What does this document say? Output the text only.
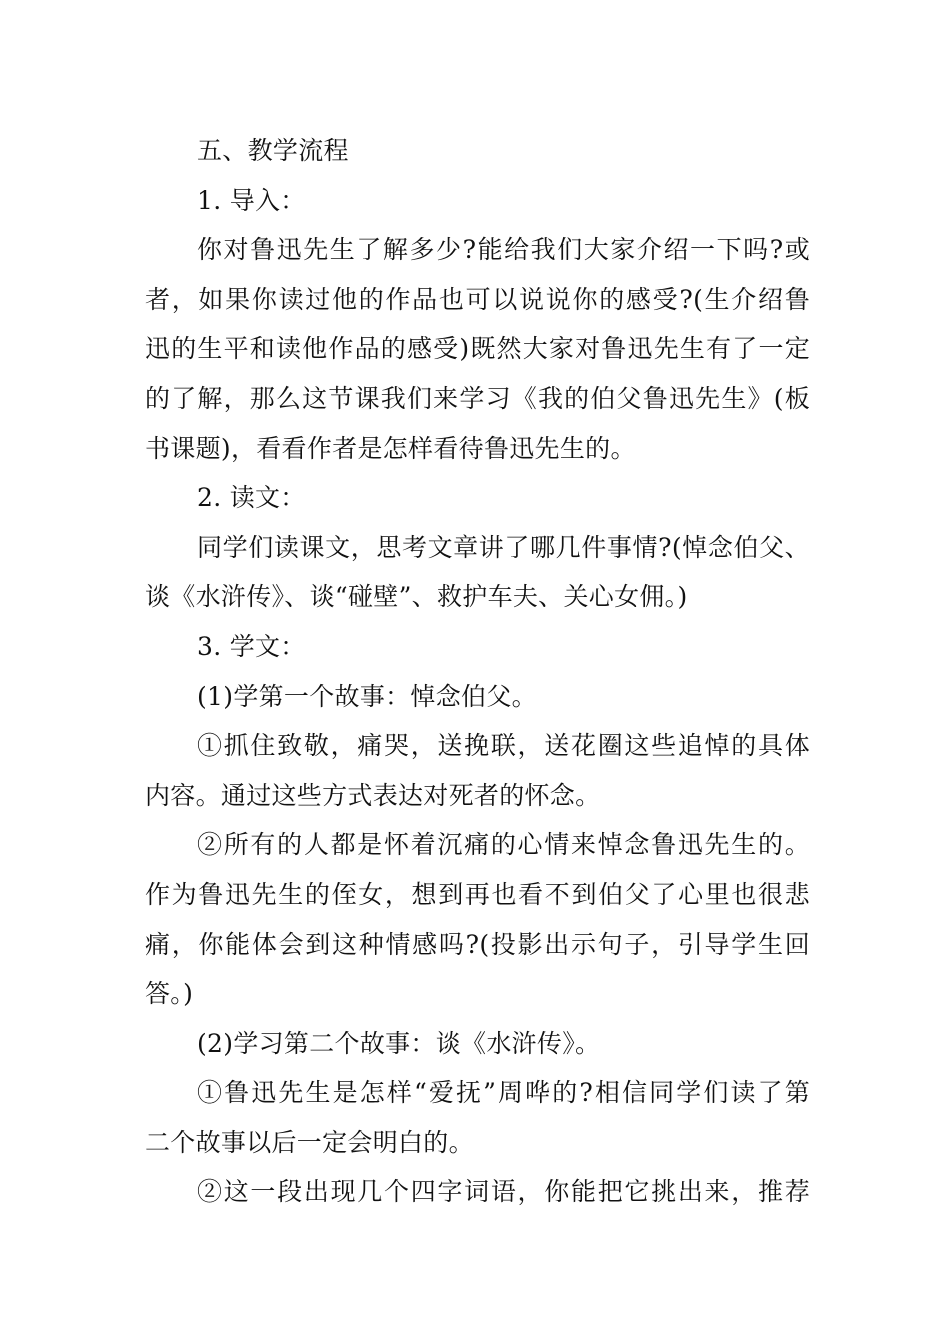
五、教学流程
1. 导入：
你对鲁迅先生了解多少?能给我们大家介绍一下吗?或
者，如果你读过他的作品也可以说说你的感受?(生介绍鲁
迅的生平和读他作品的感受)既然大家对鲁迅先生有了一定
的了解，那么这节课我们来学习《我的伯父鲁迅先生》(板
书课题)，看看作者是怎样看待鲁迅先生的。
2. 读文：
同学们读课文，思考文章讲了哪几件事情?(悼念伯父、
谈《水浒传》、谈“碰壁”、救护车夫、关心女佣。)
3. 学文：
(1)学第一个故事：悼念伯父。
①抓住致敬，痛哭，送挽联，送花圈这些追悼的具体
内容。通过这些方式表达对死者的怀念。
②所有的人都是怀着沉痛的心情来悼念鲁迅先生的。
作为鲁迅先生的侄女，想到再也看不到伯父了心里也很悲
痛，你能体会到这种情感吗?(投影出示句子，引导学生回
答。)
(2)学习第二个故事：谈《水浒传》。
①鲁迅先生是怎样“爱抚”周哗的?相信同学们读了第
二个故事以后一定会明白的。
②这一段出现几个四字词语，你能把它挑出来，推荐
